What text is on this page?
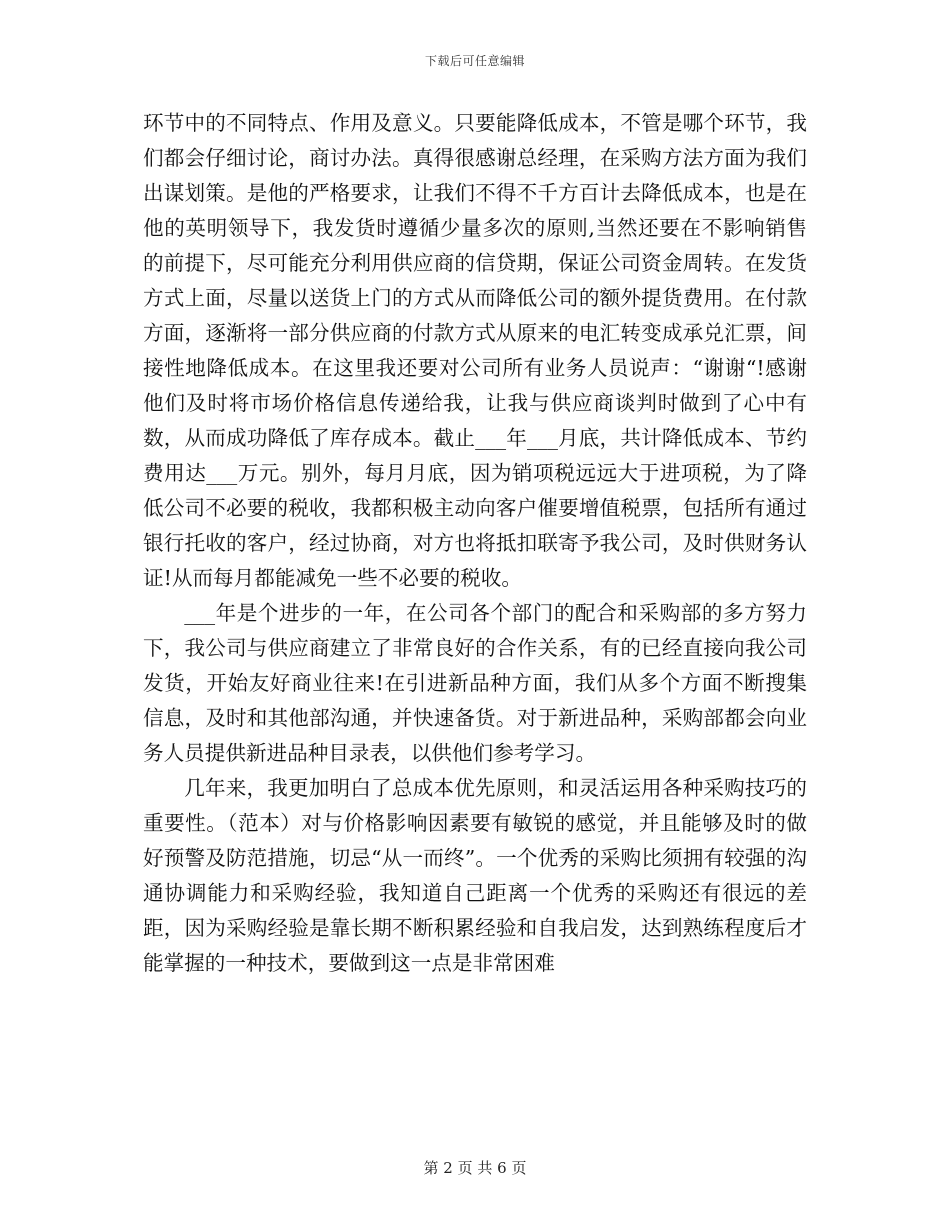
下载后可任意编辑

环节中的不同特点、作用及意义。只要能降低成本，不管是哪个环节，我们都会仔细讨论，商讨办法。真得很感谢总经理，在采购方法方面为我们出谋划策。是他的严格要求，让我们不得不千方百计去降低成本，也是在他的英明领导下，我发货时遵循少量多次的原则,当然还要在不影响销售的前提下，尽可能充分利用供应商的信贷期，保证公司资金周转。在发货方式上面，尽量以送货上门的方式从而降低公司的额外提货费用。在付款方面，逐渐将一部分供应商的付款方式从原来的电汇转变成承兑汇票，间接性地降低成本。在这里我还要对公司所有业务人员说声：“谢谢“!感谢他们及时将市场价格信息传递给我，让我与供应商谈判时做到了心中有数，从而成功降低了库存成本。截止___年___月底，共计降低成本、节约费用达___万元。别外，每月月底，因为销项税远远大于进项税，为了降低公司不必要的税收，我都积极主动向客户催要增值税票，包括所有通过银行托收的客户，经过协商，对方也将抵扣联寄予我公司，及时供财务认证!从而每月都能减免一些不必要的税收。

___年是个进步的一年，在公司各个部门的配合和采购部的多方努力下，我公司与供应商建立了非常良好的合作关系，有的已经直接向我公司发货，开始友好商业往来!在引进新品种方面，我们从多个方面不断搜集信息，及时和其他部沟通，并快速备货。对于新进品种，采购部都会向业务人员提供新进品种目录表，以供他们参考学习。

几年来，我更加明白了总成本优先原则，和灵活运用各种采购技巧的重要性。（范本）对与价格影响因素要有敏锐的感觉，并且能够及时的做好预警及防范措施，切忌“从一而终”。一个优秀的采购比须拥有较强的沟通协调能力和采购经验，我知道自己距离一个优秀的采购还有很远的差距，因为采购经验是靠长期不断积累经验和自我启发，达到熟练程度后才能掌握的一种技术，要做到这一点是非常困难

第 2 页 共 6 页
